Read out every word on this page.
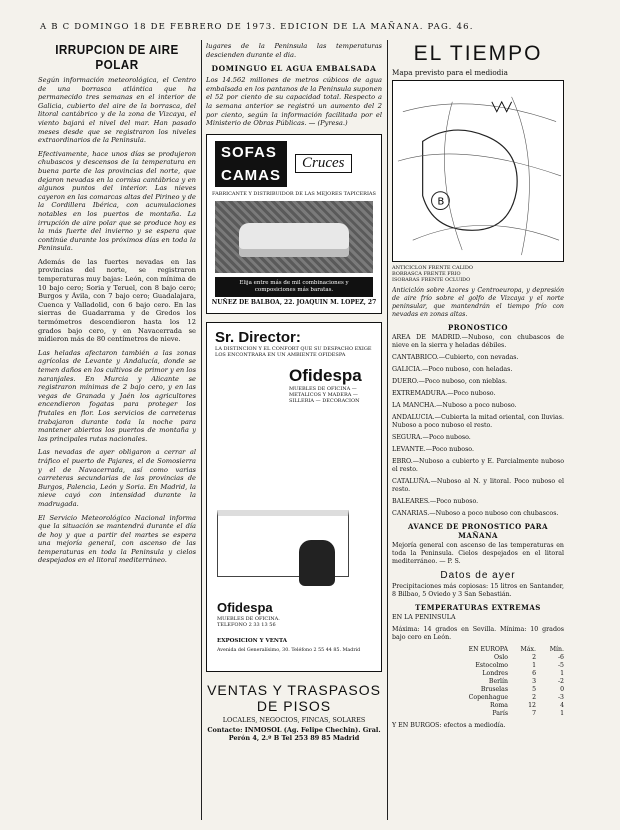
A B C DOMINGO 18 DE FEBRERO DE 1973. EDICION DE LA MAÑANA. PAG. 46.
IRRUPCION DE AIRE POLAR

Según información meteorológica, el Centro de una borrasca atlántica que ha permanecido tres semanas en el interior de Galicia, cubierto del aire de la borrasca, del litoral cantábrico y de la zona de Vizcaya, el viento bajará el nivel del mar. Han pasado meses desde que se registraron los niveles extraordinarios de la Peninsula.

Efectivamente, hace unos días se produjeron chubascos y descensos de la temperatura en buena parte de las provincias del norte, que dejaron nevadas en la cornisa cantábrica y en algunos puntos del interior. Las nieves cayeron en las comarcas altas del Pirineo y de la Cordillera Ibérica, con acumulaciones notables en los puertos de montaña. La irrupción de aire polar que se produce hoy es la más fuerte del invierno y se espera que continúe durante los próximos días en toda la Peninsula.

Además de las fuertes nevadas en las provincias del norte, se registraron temperaturas muy bajas: León, con mínima de 10 bajo cero; Soria y Teruel, con 8 bajo cero; Burgos y Ávila, con 7 bajo cero; Guadalajara, Cuenca y Valladolid, con 6 bajo cero. En las sierras de Guadarrama y de Gredos los termómetros descendieron hasta los 12 grados bajo cero, y en Navacerrada se midieron más de 80 centímetros de nieve.

Las heladas afectaron también a las zonas agrícolas de Levante y Andalucía, donde se temen daños en los cultivos de primor y en los naranjales. En Murcia y Alicante se registraron mínimas de 2 bajo cero, y en las vegas de Granada y Jaén los agricultores encendieron fogatas para proteger los frutales en flor. Los servicios de carreteras trabajaron durante toda la noche para mantener abiertos los puertos de montaña y las principales rutas nacionales.

Las nevadas de ayer obligaron a cerrar al tráfico el puerto de Pajares, el de Somosierra y el de Navacerrada, así como varias carreteras secundarias de las provincias de Burgos, Palencia, León y Soria. En Madrid, la nieve cayó con intensidad durante la madrugada.

El Servicio Meteorológico Nacional informa que la situación se mantendrá durante el día de hoy y que a partir del martes se espera una mejoría general, con ascenso de las temperaturas en toda la Peninsula y cielos despejados en el litoral mediterráneo.

lugares de la Peninsula las temperaturas descienden durante el dia.

DOMINGUO EL AGUA EMBALSADA

Los 14.562 millones de metros cúbicos de agua embalsada en los pantanos de la Peninsula suponen el 52 por ciento de su capacidad total. Respecto a la semana anterior se registró un aumento del 2 por ciento, según la información facilitada por el Ministerio de Obras Públicas. — (Pyresa.)

SOFAS
CAMAS
Cruces
FABRICANTE Y DISTRIBUIDOR DE LAS MEJORES TAPICERIAS
Elija entre más de mil combinaciones y composiciones más baratas.
NUÑEZ DE BALBOA, 22. JOAQUIN M. LOPEZ, 27
Sr. Director:
LA DISTINCION Y EL CONFORT QUE SU DESPACHO EXIGE LOS ENCONTRARA EN UN AMBIENTE OFIDESPA
Ofidespa
MUEBLES DE OFICINA — METALICOS Y MADERA — SILLERIA — DECORACION
Ofidespa
MUEBLES DE OFICINA. TELEFONO 2 33 13 56
EXPOSICION Y VENTA
Avenida del Generalísimo, 30. Teléfono 2 55 44 85. Madrid
VENTAS Y TRASPASOS DE PISOS
LOCALES, NEGOCIOS, FINCAS, SOLARES
Contacto: INMOSOL (Ag. Felipe Chechin). Gral. Perón 4, 2.º B Tel 253 89 85 Madrid
EL TIEMPO
Mapa previsto para el mediodia
B
ANTICICLON FRENTE CALIDO
BORRASCA FRENTE FRIO
ISOBARAS FRENTE OCLUIDO

Anticiclón sobre Azores y Centroeuropa, y depresión de aire frío sobre el golfo de Vizcaya y el norte peninsular, que mantendrán el tiempo frío con nevadas en zonas altas.

PRONOSTICO

AREA DE MADRID.—Nuboso, con chubascos de nieve en la sierra y heladas débiles.

CANTABRICO.—Cubierto, con nevadas.

GALICIA.—Poco nuboso, con heladas.

DUERO.—Poco nuboso, con nieblas.

EXTREMADURA.—Poco nuboso.

LA MANCHA.—Nuboso a poco nuboso.

ANDALUCIA.—Cubierta la mitad oriental, con lluvias. Nuboso a poco nuboso el resto.

SEGURA.—Poco nuboso.

LEVANTE.—Poco nuboso.

EBRO.—Nuboso a cubierto y E. Parcialmente nuboso el resto.

CATALUÑA.—Nuboso al N. y litoral. Poco nuboso el resto.

BALEARES.—Poco nuboso.

CANARIAS.—Nuboso a poco nuboso con chubascos.

AVANCE DE PRONOSTICO PARA MAÑANA

Mejoría general con ascenso de las temperaturas en toda la Peninsula. Cielos despejados en el litoral mediterráneo. — P. S.

Datos de ayer

Precipitaciones más copiosas: 15 litros en Santander, 8 Bilbao, 5 Oviedo y 3 San Sebastián.

TEMPERATURAS EXTREMAS
EN LA PENINSULA

Máxima: 14 grados en Sevilla. Mínima: 10 grados bajo cero en León.

EN EUROPA	Máx.	Mín.
Oslo	2	-6
Estocolmo	1	-5
Londres	6	1
Berlín	3	-2
Bruselas	5	0
Copenhague	2	-3
Roma	12	4
París	7	1

Y EN BURGOS: efectos a mediodía.
